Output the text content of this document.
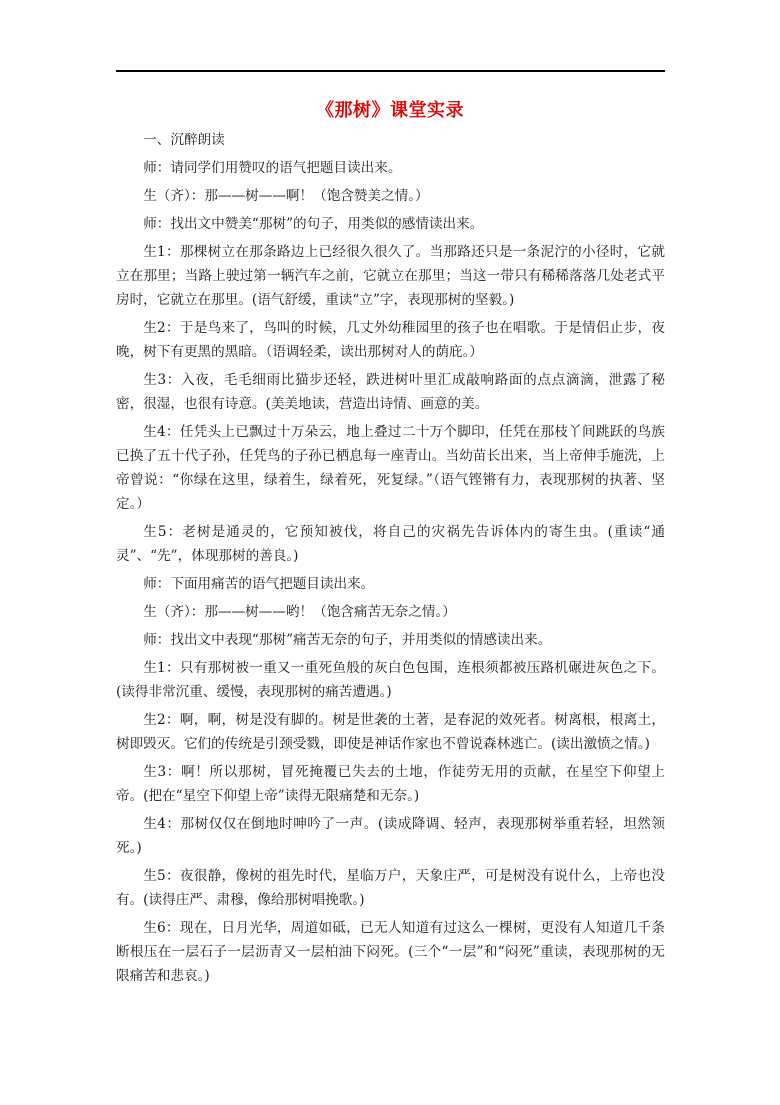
《那树》课堂实录

一、沉醉朗读

师：请同学们用赞叹的语气把题目读出来。

生（齐）：那——树——啊！（饱含赞美之情。）

师：找出文中赞美“那树”的句子，用类似的感情读出来。

生1：那棵树立在那条路边上已经很久很久了。当那路还只是一条泥泞的小径时，它就立在那里；当路上驶过第一辆汽车之前，它就立在那里；当这一带只有稀稀落落几处老式平房时，它就立在那里。(语气舒缓，重读“立”字，表现那树的坚毅。)

生2：于是鸟来了，鸟叫的时候，几丈外幼稚园里的孩子也在唱歌。于是情侣止步，夜晚，树下有更黑的黑暗。（语调轻柔，读出那树对人的荫庇。）

生3：入夜，毛毛细雨比猫步还轻，跌进树叶里汇成敲响路面的点点滴滴，泄露了秘密，很湿，也很有诗意。(美美地读，营造出诗情、画意的美。

生4：任凭头上已飘过十万朵云，地上叠过二十万个脚印，任凭在那枝丫间跳跃的鸟族已换了五十代子孙，任凭鸟的子孙已栖息每一座青山。当幼苗长出来，当上帝伸手施洗，上帝曾说：“你绿在这里，绿着生，绿着死，死复绿。”（语气铿锵有力，表现那树的执著、坚定。）

生5：老树是通灵的，它预知被伐，将自己的灾祸先告诉体内的寄生虫。(重读“通灵”、“先”，体现那树的善良。)

师：下面用痛苦的语气把题目读出来。

生（齐）：那——树——哟！（饱含痛苦无奈之情。）

师：找出文中表现“那树”痛苦无奈的句子，并用类似的情感读出来。

生1：只有那树被一重又一重死鱼般的灰白色包围，连根须都被压路机碾进灰色之下。(读得非常沉重、缓慢，表现那树的痛苦遭遇。)

生2：啊，啊，树是没有脚的。树是世袭的土著，是春泥的效死者。树离根，根离土，树即毁灭。它们的传统是引颈受戮，即使是神话作家也不曾说森林逃亡。(读出激愤之情。)

生3：啊！所以那树，冒死掩覆已失去的土地，作徒劳无用的贡献，在星空下仰望上帝。(把在“星空下仰望上帝”读得无限痛楚和无奈。)

生4：那树仅仅在倒地时呻吟了一声。(读成降调、轻声，表现那树举重若轻，坦然领死。)

生5：夜很静，像树的祖先时代，星临万户，天象庄严，可是树没有说什么，上帝也没有。(读得庄严、肃穆，像给那树唱挽歌。)

生6：现在，日月光华，周道如砥，已无人知道有过这么一棵树，更没有人知道几千条断根压在一层石子一层沥青又一层柏油下闷死。(三个“一层”和“闷死”重读，表现那树的无限痛苦和悲哀。)
